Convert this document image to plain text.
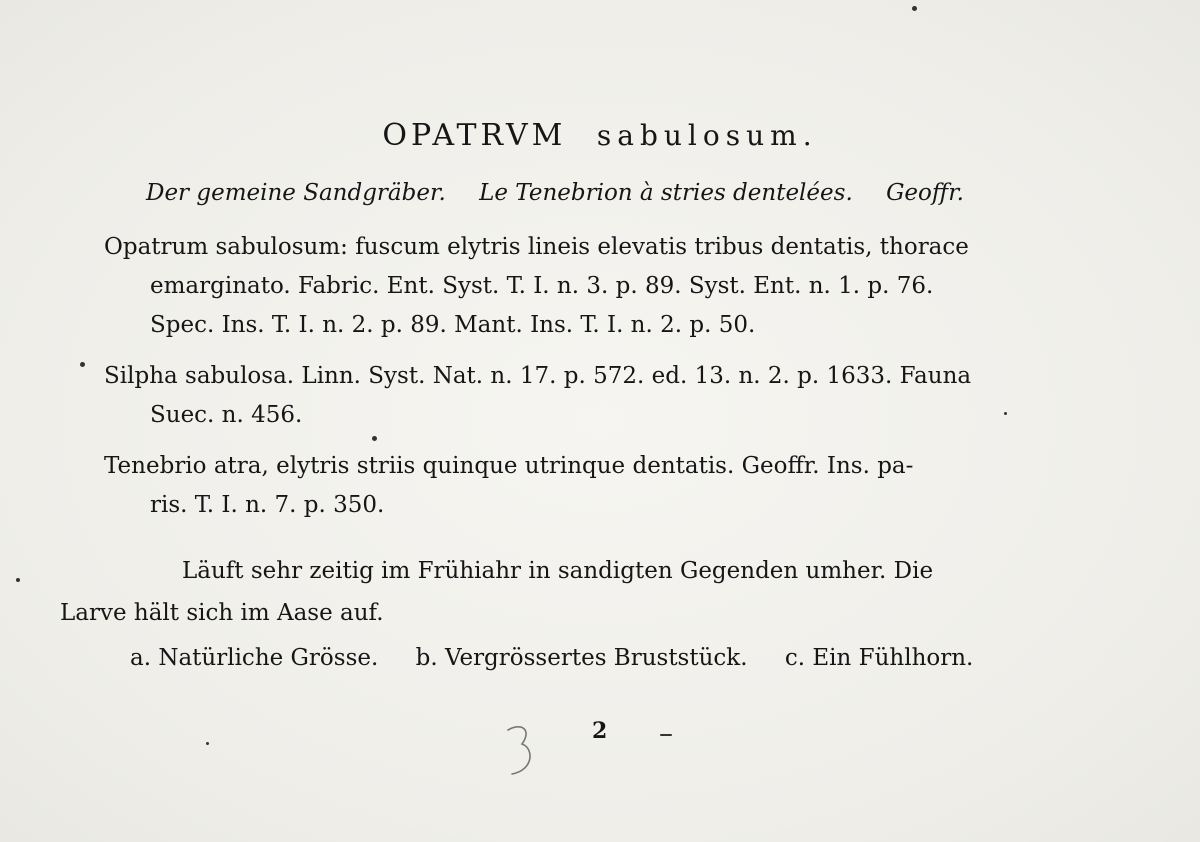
OPATRVM sabulosum.
Der gemeine Sandgräber. Le Tenebrion à stries dentelées. Geoffr.
Opatrum sabulosum: fuscum elytris lineis elevatis tribus dentatis, thorace
emarginato. Fabric. Ent. Syst. T. I. n. 3. p. 89. Syst. Ent. n. 1. p. 76.
Spec. Ins. T. I. n. 2. p. 89. Mant. Ins. T. I. n. 2. p. 50.
Silpha sabulosa. Linn. Syst. Nat. n. 17. p. 572. ed. 13. n. 2. p. 1633. Fauna
Suec. n. 456.
Tenebrio atra, elytris striis quinque utrinque dentatis. Geoffr. Ins. pa-
ris. T. I. n. 7. p. 350.
Läuft sehr zeitig im Frühiahr in sandigten Gegenden umher. Die
Larve hält sich im Aase auf.
a. Natürliche Grösse. b. Vergrössertes Bruststück. c. Ein Fühlhorn.
2
